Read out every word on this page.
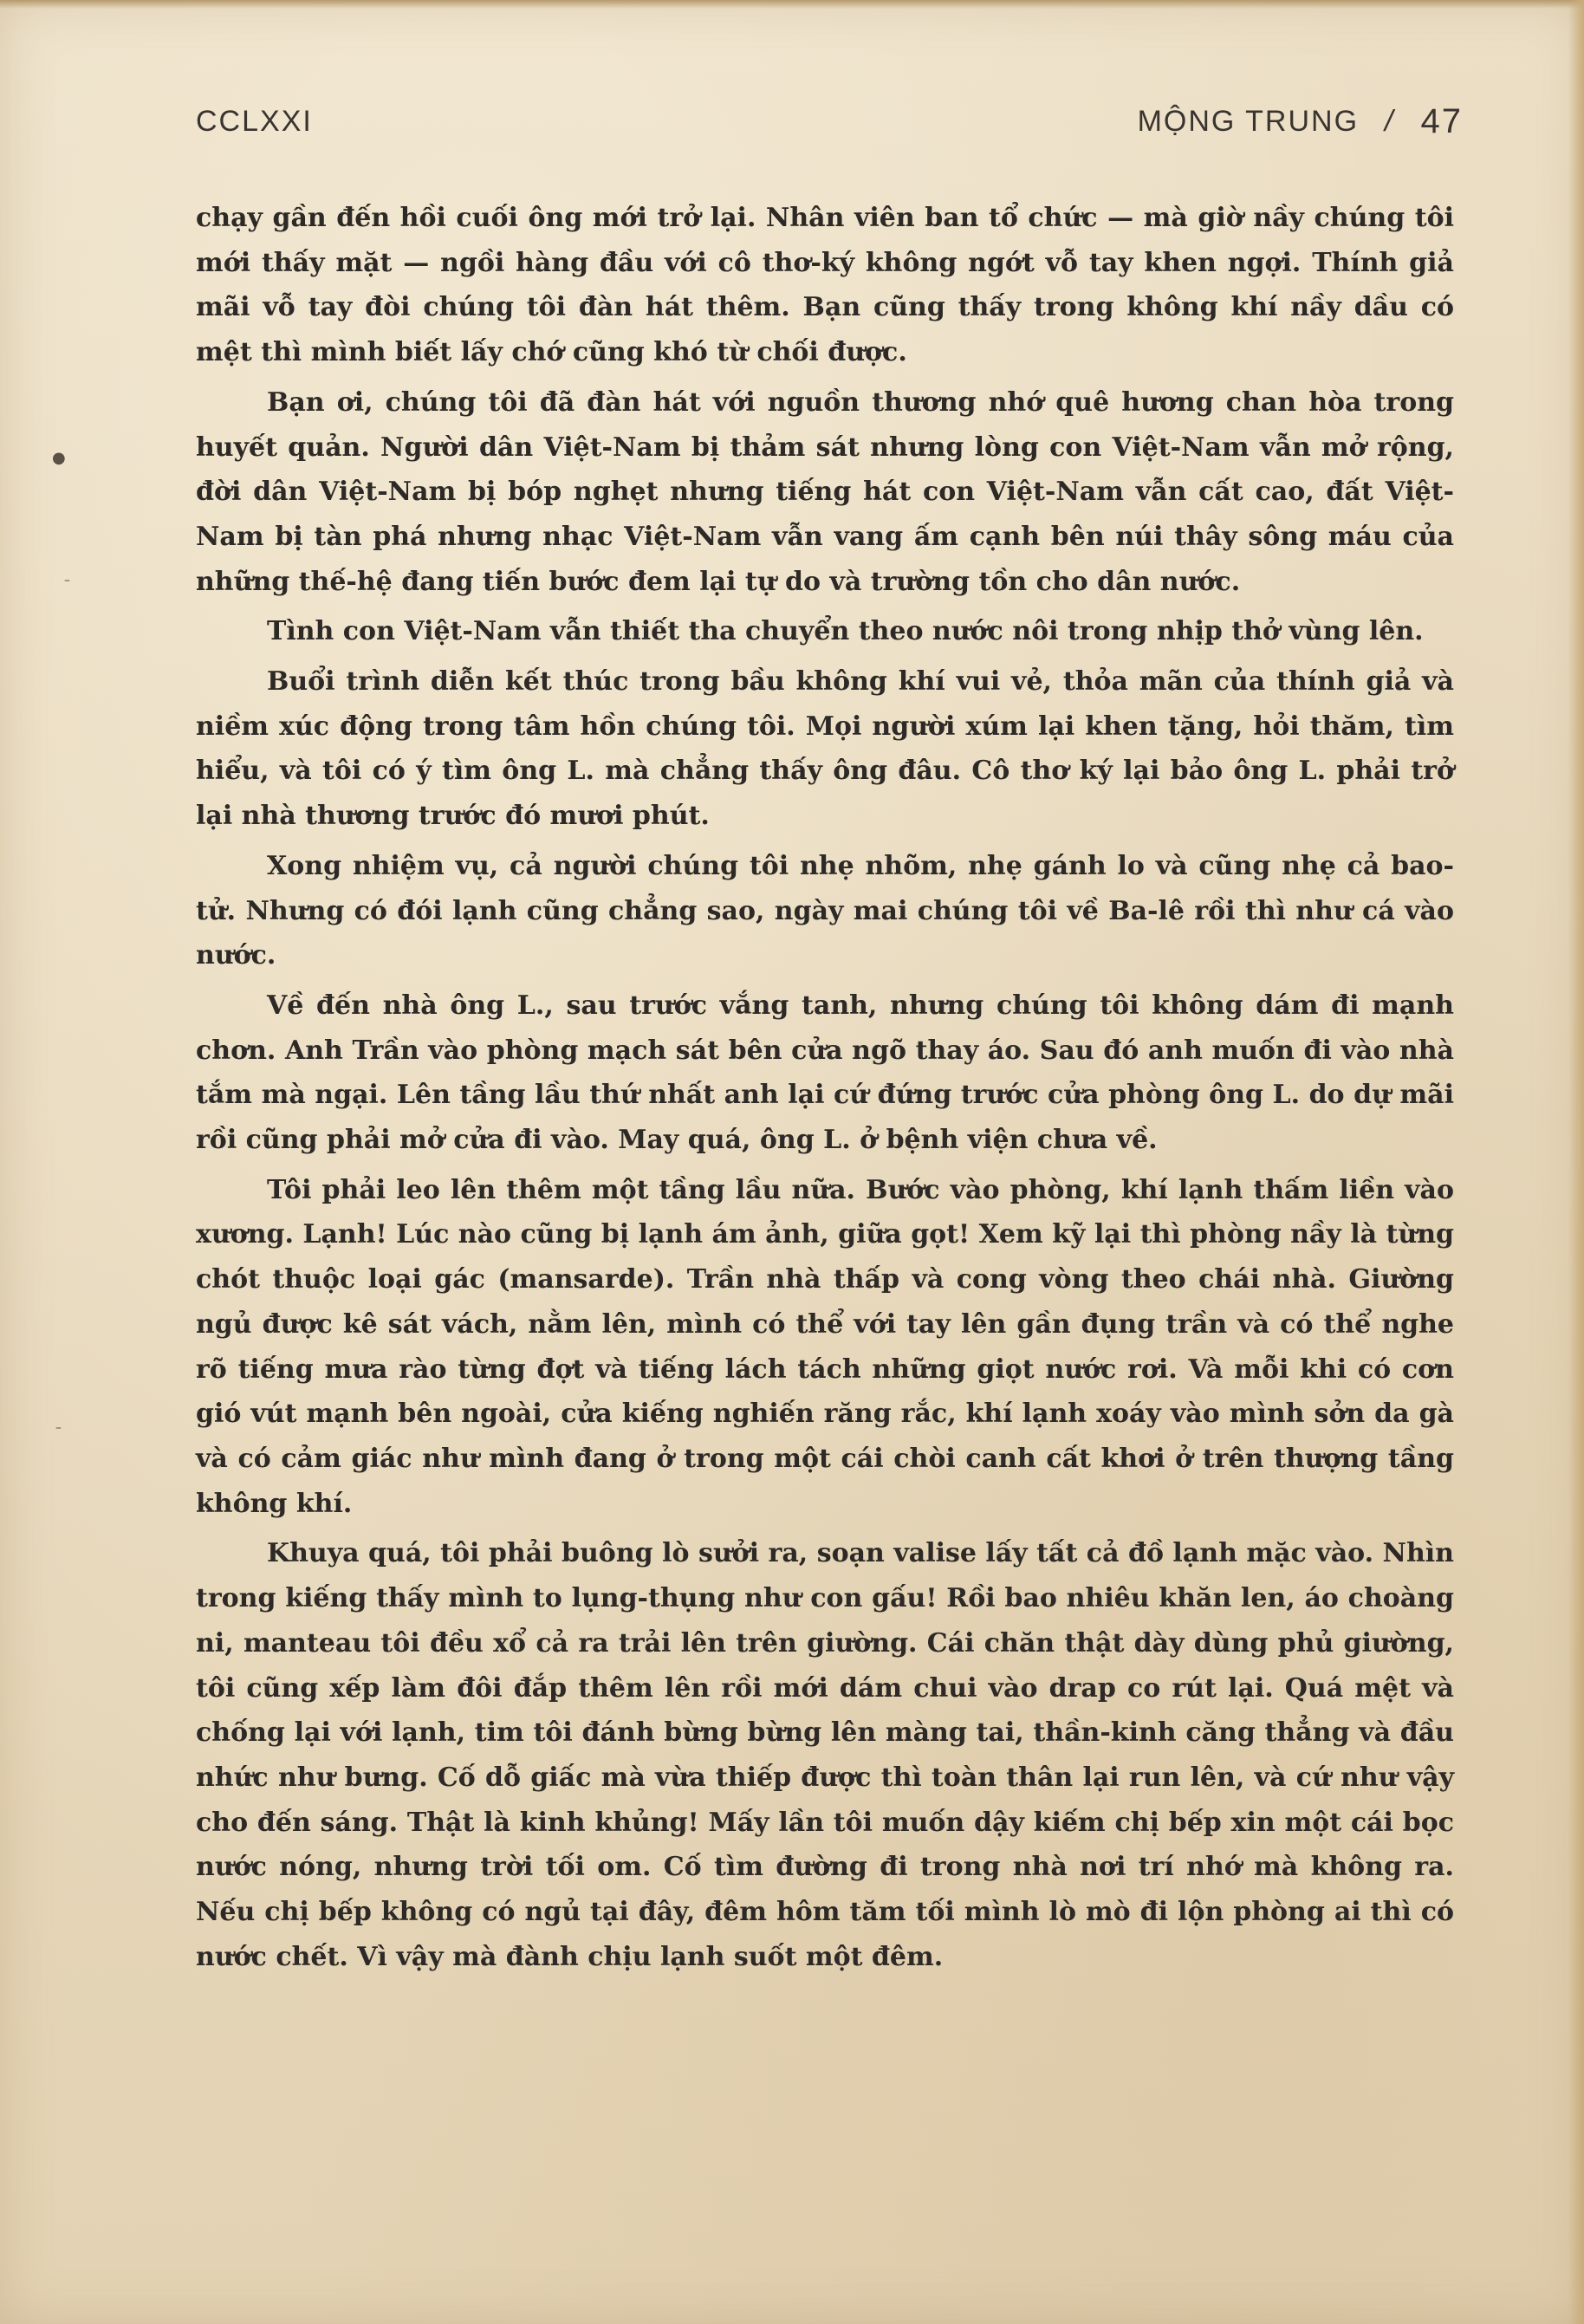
CCLXXI	MỘNG TRUNG / 47

chạy gần đến hồi cuối ông mới trở lại. Nhân viên ban tổ chức — mà giờ nầy chúng tôi mới thấy mặt — ngồi hàng đầu với cô thơ-ký không ngớt vỗ tay khen ngợi. Thính giả mãi vỗ tay đòi chúng tôi đàn hát thêm. Bạn cũng thấy trong không khí nầy dầu có mệt thì mình biết lấy chớ cũng khó từ chối được.

Bạn ơi, chúng tôi đã đàn hát với nguồn thương nhớ quê hương chan hòa trong huyết quản. Người dân Việt-Nam bị thảm sát nhưng lòng con Việt-Nam vẫn mở rộng, đời dân Việt-Nam bị bóp nghẹt nhưng tiếng hát con Việt-Nam vẫn cất cao, đất Việt-Nam bị tàn phá nhưng nhạc Việt-Nam vẫn vang ấm cạnh bên núi thây sông máu của những thế-hệ đang tiến bước đem lại tự do và trường tồn cho dân nước.

Tình con Việt-Nam vẫn thiết tha chuyển theo nước nôi trong nhịp thở vùng lên.

Buổi trình diễn kết thúc trong bầu không khí vui vẻ, thỏa mãn của thính giả và niềm xúc động trong tâm hồn chúng tôi. Mọi người xúm lại khen tặng, hỏi thăm, tìm hiểu, và tôi có ý tìm ông L. mà chẳng thấy ông đâu. Cô thơ ký lại bảo ông L. phải trở lại nhà thương trước đó mươi phút.

Xong nhiệm vụ, cả người chúng tôi nhẹ nhõm, nhẹ gánh lo và cũng nhẹ cả bao-tử. Nhưng có đói lạnh cũng chẳng sao, ngày mai chúng tôi về Ba-lê rồi thì như cá vào nước.

Về đến nhà ông L., sau trước vắng tanh, nhưng chúng tôi không dám đi mạnh chơn. Anh Trần vào phòng mạch sát bên cửa ngõ thay áo. Sau đó anh muốn đi vào nhà tắm mà ngại. Lên tầng lầu thứ nhất anh lại cứ đứng trước cửa phòng ông L. do dự mãi rồi cũng phải mở cửa đi vào. May quá, ông L. ở bệnh viện chưa về.

Tôi phải leo lên thêm một tầng lầu nữa. Bước vào phòng, khí lạnh thấm liền vào xương. Lạnh! Lúc nào cũng bị lạnh ám ảnh, giữa gọt! Xem kỹ lại thì phòng nầy là từng chót thuộc loại gác (mansarde). Trần nhà thấp và cong vòng theo chái nhà. Giường ngủ được kê sát vách, nằm lên, mình có thể với tay lên gần đụng trần và có thể nghe rõ tiếng mưa rào từng đợt và tiếng lách tách những giọt nước rơi. Và mỗi khi có cơn gió vút mạnh bên ngoài, cửa kiếng nghiến răng rắc, khí lạnh xoáy vào mình sởn da gà và có cảm giác như mình đang ở trong một cái chòi canh cất khơi ở trên thượng tầng không khí.

Khuya quá, tôi phải buông lò sưởi ra, soạn valise lấy tất cả đồ lạnh mặc vào. Nhìn trong kiếng thấy mình to lụng-thụng như con gấu! Rồi bao nhiêu khăn len, áo choàng ni, manteau tôi đều xổ cả ra trải lên trên giường. Cái chăn thật dày dùng phủ giường, tôi cũng xếp làm đôi đắp thêm lên rồi mới dám chui vào drap co rút lại. Quá mệt và chống lại với lạnh, tim tôi đánh bừng bừng lên màng tai, thần-kinh căng thẳng và đầu nhức như bưng. Cố dỗ giấc mà vừa thiếp được thì toàn thân lại run lên, và cứ như vậy cho đến sáng. Thật là kinh khủng! Mấy lần tôi muốn dậy kiếm chị bếp xin một cái bọc nước nóng, nhưng trời tối om. Cố tìm đường đi trong nhà nơi trí nhớ mà không ra. Nếu chị bếp không có ngủ tại đây, đêm hôm tăm tối mình lò mò đi lộn phòng ai thì có nước chết. Vì vậy mà đành chịu lạnh suốt một đêm.

●
–
–
